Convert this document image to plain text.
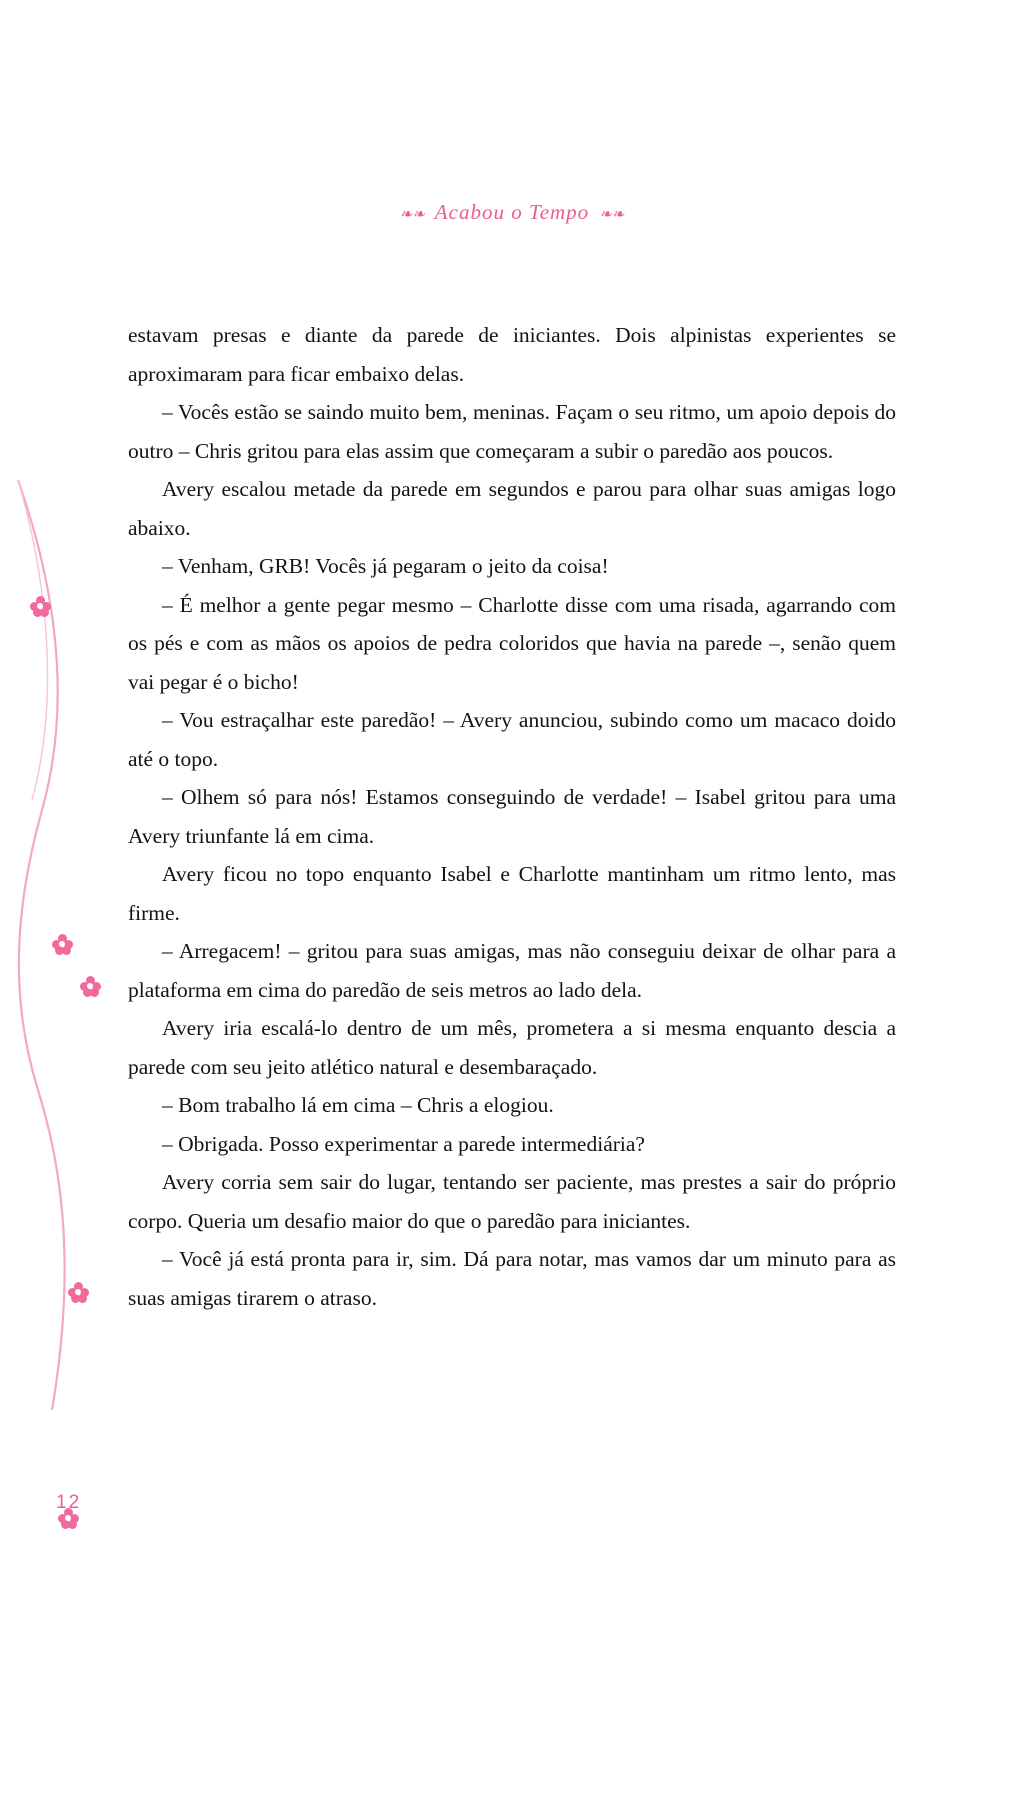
❧❧ Acabou o Tempo ❧❧

estavam presas e diante da parede de iniciantes. Dois alpinistas experientes se aproximaram para ficar embaixo delas.

– Vocês estão se saindo muito bem, meninas. Façam o seu ritmo, um apoio depois do outro – Chris gritou para elas assim que começaram a subir o paredão aos poucos.

Avery escalou metade da parede em segundos e parou para olhar suas amigas logo abaixo.

– Venham, GRB! Vocês já pegaram o jeito da coisa!

– É melhor a gente pegar mesmo – Charlotte disse com uma risada, agarrando com os pés e com as mãos os apoios de pedra coloridos que havia na parede –, senão quem vai pegar é o bicho!

– Vou estraçalhar este paredão! – Avery anunciou, subindo como um macaco doido até o topo.

– Olhem só para nós! Estamos conseguindo de verdade! – Isabel gritou para uma Avery triunfante lá em cima.

Avery ficou no topo enquanto Isabel e Charlotte mantinham um ritmo lento, mas firme.

– Arregacem! – gritou para suas amigas, mas não conseguiu deixar de olhar para a plataforma em cima do paredão de seis metros ao lado dela.

Avery iria escalá-lo dentro de um mês, prometera a si mesma enquanto descia a parede com seu jeito atlético natural e desembaraçado.

– Bom trabalho lá em cima – Chris a elogiou.

– Obrigada. Posso experimentar a parede intermediária?

Avery corria sem sair do lugar, tentando ser paciente, mas prestes a sair do próprio corpo. Queria um desafio maior do que o paredão para iniciantes.

– Você já está pronta para ir, sim. Dá para notar, mas vamos dar um minuto para as suas amigas tirarem o atraso.

12
